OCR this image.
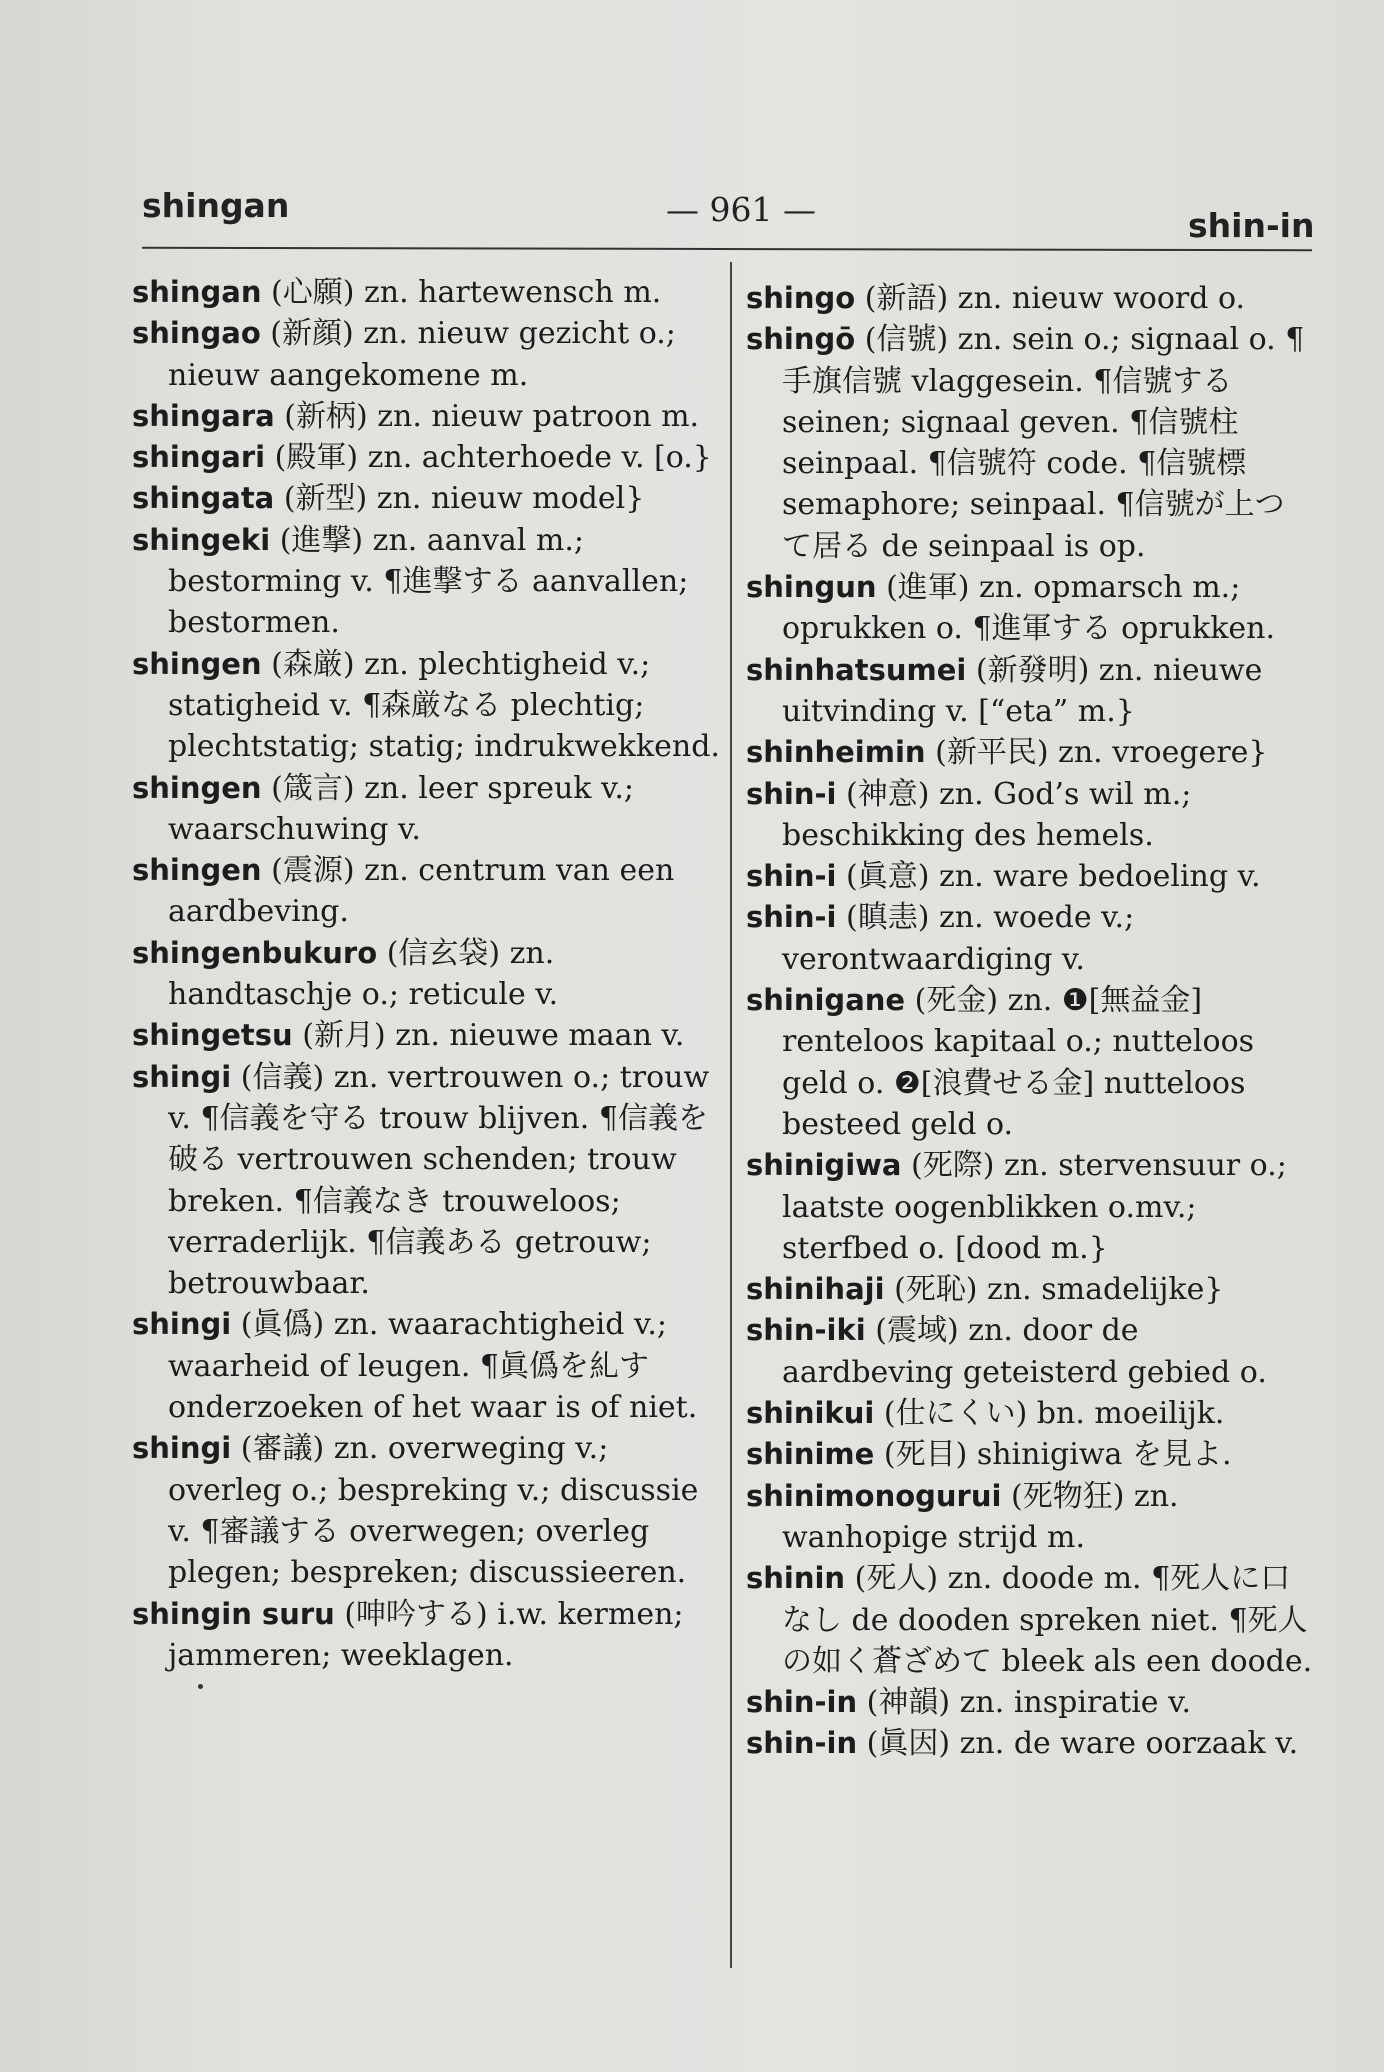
shingan	— 961 —	shin-in
shingan (心願) zn. hartewensch m.
shingao (新顔) zn. nieuw gezicht o.; nieuw aangekomene m.
shingara (新柄) zn. nieuw patroon m.
shingari (殿軍) zn. achterhoede v. [o.}
shingata (新型) zn. nieuw model}
shingeki (進撃) zn. aanval m.; bestorming v. ¶進撃する aanvallen; bestormen.
shingen (森厳) zn. plechtigheid v.; statigheid v. ¶森厳なる plechtig; plechtstatig; statig; indrukwekkend.
shingen (箴言) zn. leer spreuk v.; waarschuwing v.
shingen (震源) zn. centrum van een aardbeving.
shingenbukuro (信玄袋) zn. handtaschje o.; reticule v.
shingetsu (新月) zn. nieuwe maan v.
shingi (信義) zn. vertrouwen o.; trouw v. ¶信義を守る trouw blijven. ¶信義を破る vertrouwen schenden; trouw breken. ¶信義なき trouweloos; verraderlijk. ¶信義ある getrouw; betrouwbaar.
shingi (眞僞) zn. waarachtigheid v.; waarheid of leugen. ¶眞僞を糺す onderzoeken of het waar is of niet.
shingi (審議) zn. overweging v.; overleg o.; bespreking v.; discussie v. ¶審議する overwegen; overleg plegen; bespreken; discussieeren.
shingin suru (呻吟する) i.w. kermen; jammeren; weeklagen.
shingo (新語) zn. nieuw woord o.
shingō (信號) zn. sein o.; signaal o. ¶手旗信號 vlaggesein. ¶信號する seinen; signaal geven. ¶信號柱 seinpaal. ¶信號符 code. ¶信號標 semaphore; seinpaal. ¶信號が上つて居る de seinpaal is op.
shingun (進軍) zn. opmarsch m.; oprukken o. ¶進軍する oprukken.
shinhatsumei (新發明) zn. nieuwe uitvinding v. [“eta” m.}
shinheimin (新平民) zn. vroegere}
shin-i (神意) zn. God’s wil m.; beschikking des hemels.
shin-i (眞意) zn. ware bedoeling v.
shin-i (瞋恚) zn. woede v.; verontwaardiging v.
shinigane (死金) zn. ❶[無益金] renteloos kapitaal o.; nutteloos geld o. ❷[浪費せる金] nutteloos besteed geld o.
shinigiwa (死際) zn. stervensuur o.; laatste oogenblikken o.mv.; sterfbed o. [dood m.}
shinihaji (死恥) zn. smadelijke}
shin-iki (震域) zn. door de aardbeving geteisterd gebied o.
shinikui (仕にくい) bn. moeilijk.
shinime (死目) shinigiwa を見よ.
shinimonogurui (死物狂) zn. wanhopige strijd m.
shinin (死人) zn. doode m. ¶死人に口なし de dooden spreken niet. ¶死人の如く蒼ざめて bleek als een doode.
shin-in (神韻) zn. inspiratie v.
shin-in (眞因) zn. de ware oorzaak v.
